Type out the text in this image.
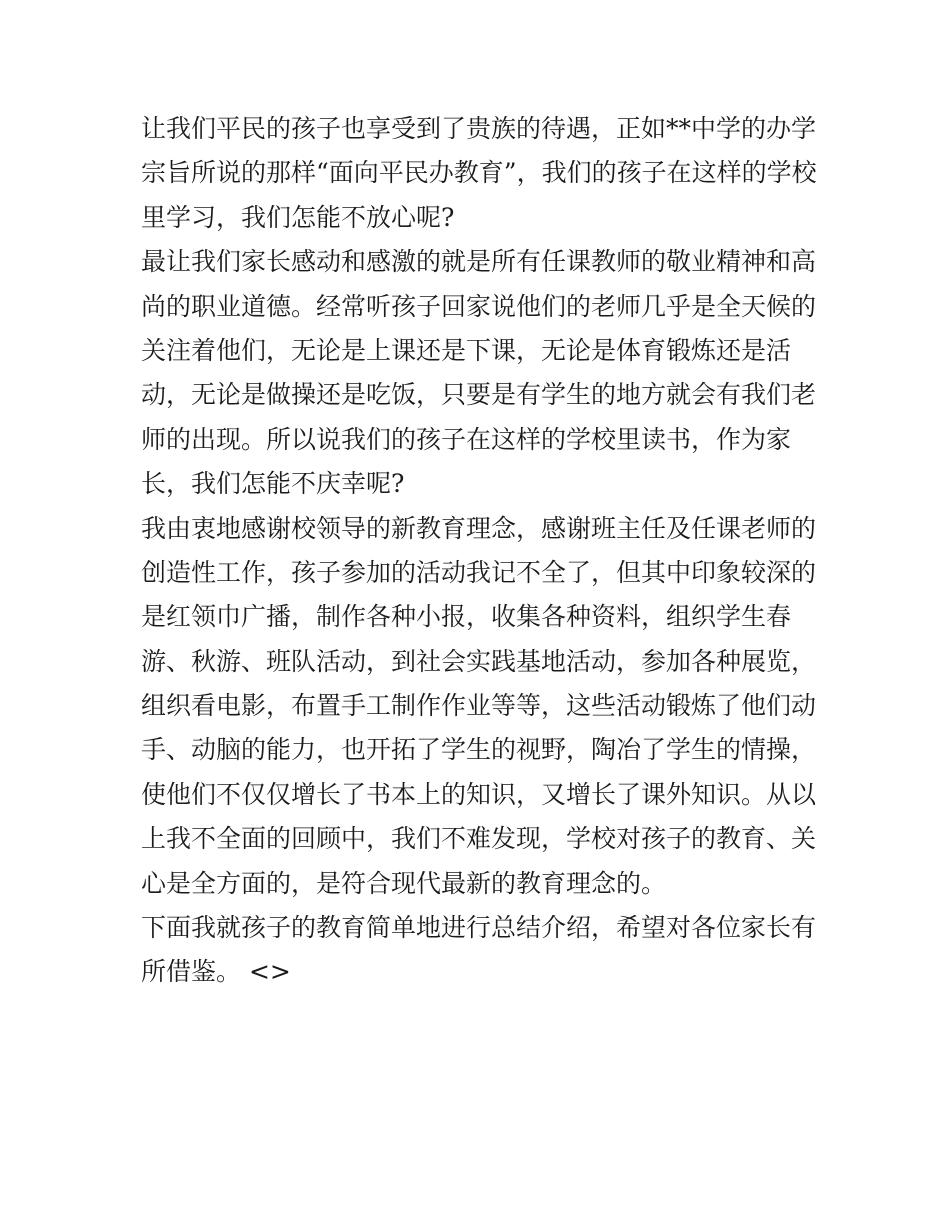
让我们平民的孩子也享受到了贵族的待遇，正如**中学的办学
宗旨所说的那样“面向平民办教育”，我们的孩子在这样的学校
里学习，我们怎能不放心呢?
最让我们家长感动和感激的就是所有任课教师的敬业精神和高
尚的职业道德。经常听孩子回家说他们的老师几乎是全天候的
关注着他们，无论是上课还是下课，无论是体育锻炼还是活
动，无论是做操还是吃饭，只要是有学生的地方就会有我们老
师的出现。所以说我们的孩子在这样的学校里读书，作为家
长，我们怎能不庆幸呢?
我由衷地感谢校领导的新教育理念，感谢班主任及任课老师的
创造性工作，孩子参加的活动我记不全了，但其中印象较深的
是红领巾广播，制作各种小报，收集各种资料，组织学生春
游、秋游、班队活动，到社会实践基地活动，参加各种展览，
组织看电影，布置手工制作作业等等，这些活动锻炼了他们动
手、动脑的能力，也开拓了学生的视野，陶冶了学生的情操，
使他们不仅仅增长了书本上的知识，又增长了课外知识。从以
上我不全面的回顾中，我们不难发现，学校对孩子的教育、关
心是全方面的，是符合现代最新的教育理念的。
下面我就孩子的教育简单地进行总结介绍，希望对各位家长有
所借鉴。 <>
